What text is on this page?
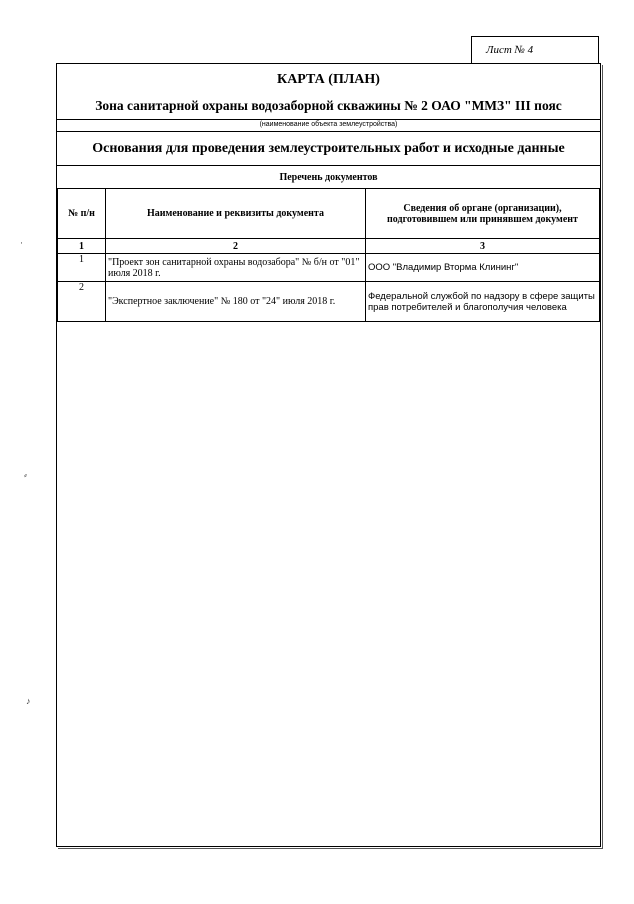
Лист № 4
КАРТА (ПЛАН)
Зона санитарной охраны водозаборной скважины № 2 ОАО "ММЗ" III пояс
(наименование объекта землеустройства)
Основания для проведения землеустроительных работ и исходные данные
Перечень документов
№ п/н	Наименование и реквизиты документа	Сведения об органе (организации), подготовившем или принявшем документ
1	2	3
1	"Проект зон санитарной охраны водозабора" № б/н от "01" июля 2018 г.	ООО "Владимир Вторма Клининг"
2	"Экспертное заключение" № 180 от "24" июля 2018 г.	Федеральной службой по надзору в сфере защиты прав потребителей и благополучия человека
·
⸗
♪
